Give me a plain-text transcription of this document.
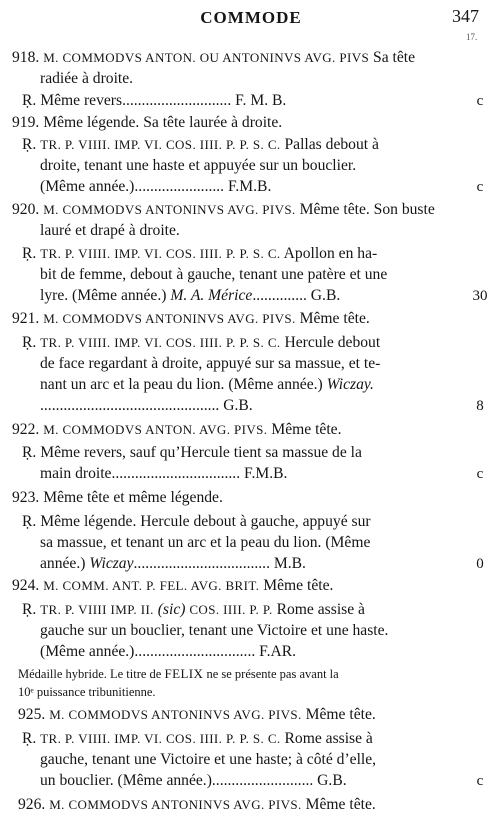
COMMODE	347
17.
918. M. COMMODVS ANTON. OU ANTONINVS AVG. PIVS Sa tête
radiée à droite.
Ṛ. Même revers............................ F. M. B.	c
919. Même légende. Sa tête laurée à droite.
Ṛ. TR. P. VIIII. IMP. VI. COS. IIII. P. P. S. C. Pallas debout à
droite, tenant une haste et appuyée sur un bouclier.
(Même année.)....................... F.M.B.	c
920. M. COMMODVS ANTONINVS AVG. PIVS. Même tête. Son buste
lauré et drapé à droite.
Ṛ. TR. P. VIIII. IMP. VI. COS. IIII. P. P. S. C. Apollon en ha-
bit de femme, debout à gauche, tenant une patère et une
lyre. (Même année.) M. A. Mérice.............. G.B.	30
921. M. COMMODVS ANTONINVS AVG. PIVS. Même tête.
Ṛ. TR. P. VIIII. IMP. VI. COS. IIII. P. P. S. C. Hercule debout
de face regardant à droite, appuyé sur sa massue, et te-
nant un arc et la peau du lion. (Même année.) Wiczay.
.............................................. G.B.	8
922. M. COMMODVS ANTON. AVG. PIVS. Même tête.
Ṛ. Même revers, sauf qu’Hercule tient sa massue de la
main droite................................. F.M.B.	c
923. Même tête et même légende.
Ṛ. Même légende. Hercule debout à gauche, appuyé sur
sa massue, et tenant un arc et la peau du lion. (Même
année.) Wiczay................................... M.B.	0
924. M. COMM. ANT. P. FEL. AVG. BRIT. Même tête.
Ṛ. TR. P. VIIII IMP. II. (sic) COS. IIII. P. P. Rome assise à
gauche sur un bouclier, tenant une Victoire et une haste.
(Même année.)............................... F.AR.
Médaille hybride. Le titre de FELIX ne se présente pas avant la
10ᵉ puissance tribunitienne.
925. M. COMMODVS ANTONINVS AVG. PIVS. Même tête.
Ṛ. TR. P. VIIII. IMP. VI. COS. IIII. P. P. S. C. Rome assise à
gauche, tenant une Victoire et une haste; à côté d’elle,
un bouclier. (Même année.).......................... G.B.	c
926. M. COMMODVS ANTONINVS AVG. PIVS. Même tête.
